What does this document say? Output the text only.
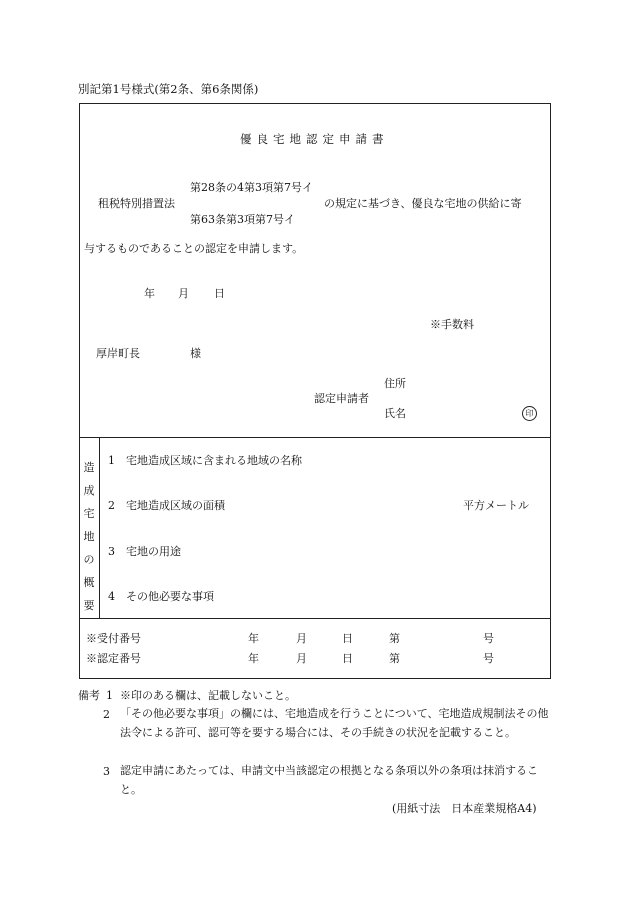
別記第1号様式(第2条、第6条関係)
優良宅地認定申請書
第28条の4第3項第7号イ
租税特別措置法	の規定に基づき、優良な宅地の供給に寄
第63条第3項第7号イ
与するものであることの認定を申請します。
年 月 日
※手数料
厚岸町長	様
住所
認定申請者
氏名	印
造
成
宅
地
の
概
要
1 宅地造成区域に含まれる地域の名称
2 宅地造成区域の面積	平方メートル
3 宅地の用途
4 その他必要な事項
※受付番号	年	月	日	第	号
※認定番号	年	月	日	第	号
備考 1 ※印のある欄は、記載しないこと。
2 「その他必要な事項」の欄には、宅地造成を行うことについて、宅地造成規制法その他法令による許可、認可等を要する場合には、その手続きの状況を記載すること。
3 認定申請にあたっては、申請文中当該認定の根拠となる条項以外の条項は抹消すること。
(用紙寸法　日本産業規格A4)
